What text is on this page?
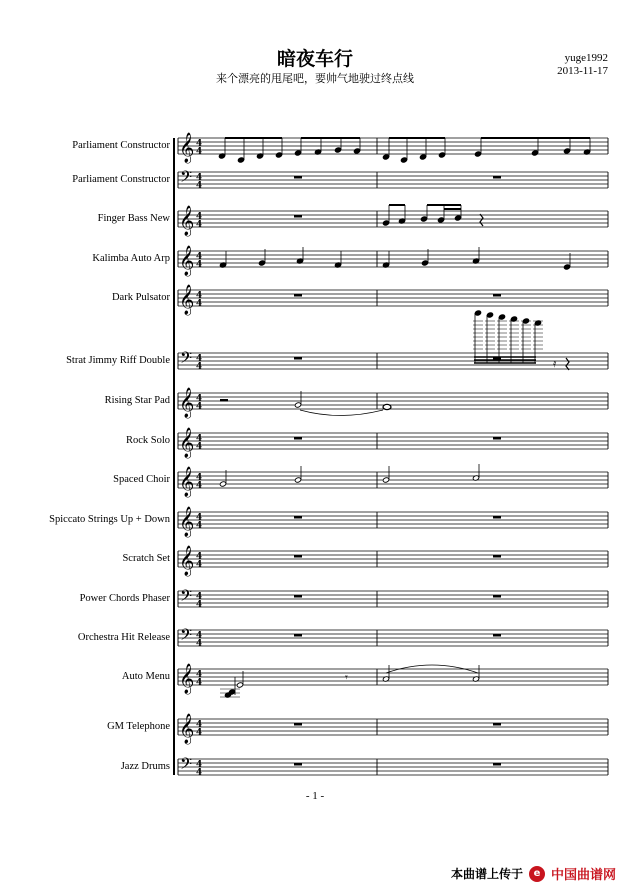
暗夜车行
来个漂亮的甩尾吧，要帅气地驶过终点线
yuge1992
2013-11-17
Parliament Constructor
Parliament Constructor
Finger Bass New
Kalimba Auto Arp
Dark Pulsator
Strat Jimmy Riff Double
Rising Star Pad
Rock Solo
Spaced Choir
Spiccato Strings Up + Down
Scratch Set
Power Chords Phaser
Orchestra Hit Release
Auto Menu
GM Telephone
Jazz Drums
𝄞 4
4
𝄢 4
4
𝄞 4
4
𝄞 4
4
𝄞 4
4
𝄢 4
4
𝄞 4
4
𝄞 4
4
𝄞 4
4
𝄞 4
4
𝄞 4
4
𝄢 4
4
𝄢 4
4
𝄞 4
4
𝄞 4
4
𝄢 4
4
𝄿
𝄾
- 1 -
本曲谱上传于	e 中国曲谱网
